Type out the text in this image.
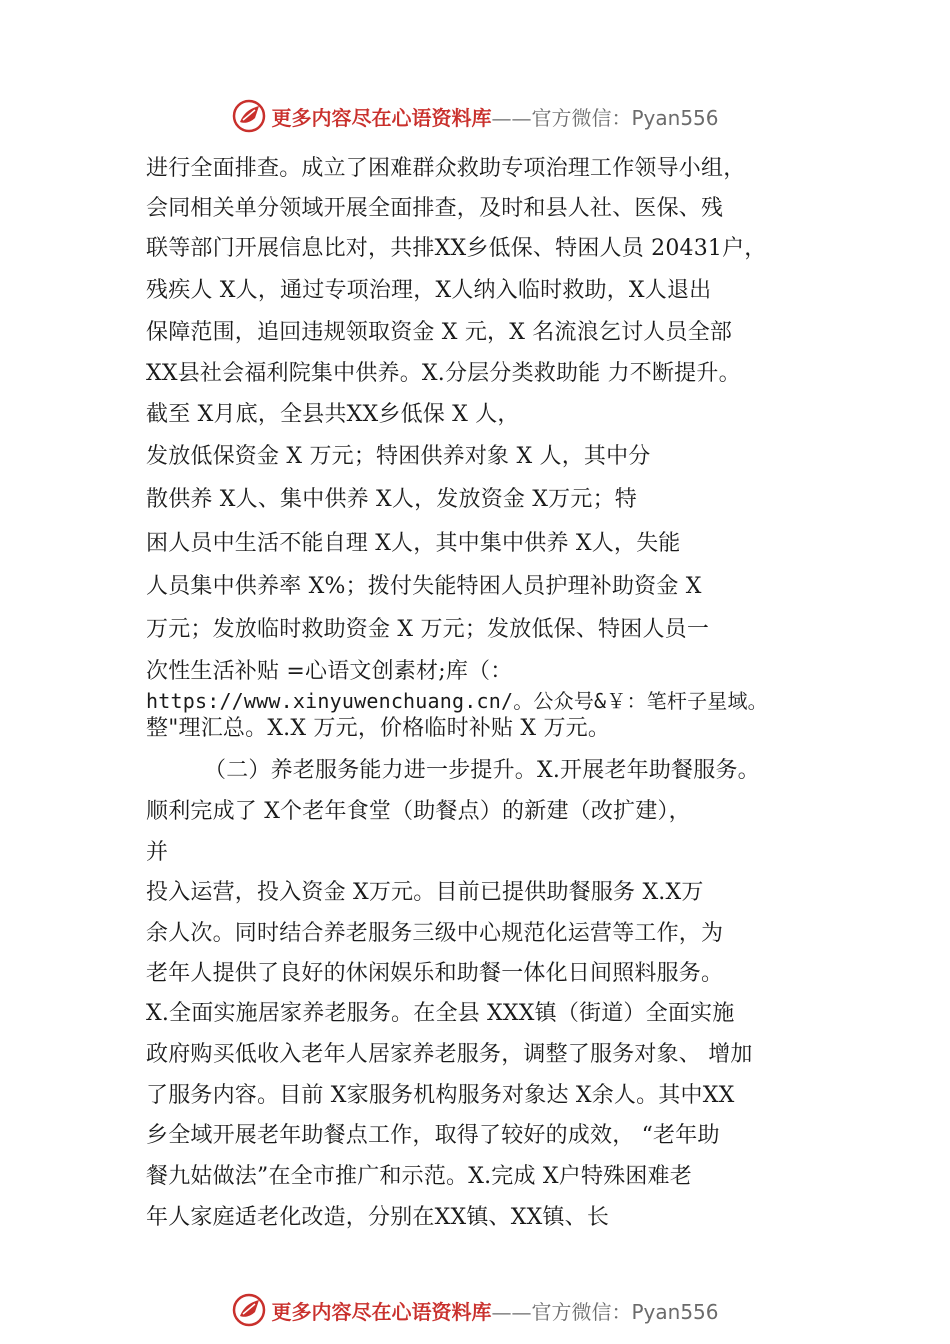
更多内容尽在心语资料库——官方微信：Pyan556
进行全面排查。成立了困难群众救助专项治理工作领导小组，
会同相关单分领域开展全面排查，及时和县人社、医保、残
联等部门开展信息比对，共排XX乡低保、特困人员 20431户，
残疾人 X人，通过专项治理，X人纳入临时救助，X人退出
保障范围，追回违规领取资金 X 元，X 名流浪乞讨人员全部
XX县社会福利院集中供养。X.分层分类救助能 力不断提升。
截至 X月底，全县共XX乡低保 X 人，
发放低保资金 X 万元；特困供养对象 X 人，其中分
散供养 X人、集中供养 X人，发放资金 X万元；特
困人员中生活不能自理 X人，其中集中供养 X人，失能
人员集中供养率 X%；拨付失能特困人员护理补助资金 X
万元；发放临时救助资金 X 万元；发放低保、特困人员一
次性生活补贴 =心语文创素材;库（：
https://www.xinyuwenchuang.cn/。公众号&￥：笔杆子星域。
整"理汇总。X.X 万元，价格临时补贴 X 万元。
（二）养老服务能力进一步提升。X.开展老年助餐服务。
顺利完成了 X个老年食堂（助餐点）的新建（改扩建），
并
投入运营，投入资金 X万元。目前已提供助餐服务 X.X万
余人次。同时结合养老服务三级中心规范化运营等工作，为
老年人提供了良好的休闲娱乐和助餐一体化日间照料服务。
X.全面实施居家养老服务。在全县 XXX镇（街道）全面实施
政府购买低收入老年人居家养老服务，调整了服务对象、 增加
了服务内容。目前 X家服务机构服务对象达 X余人。其中XX
乡全域开展老年助餐点工作，取得了较好的成效， “老年助
餐九姑做法”在全市推广和示范。X.完成 X户特殊困难老
年人家庭适老化改造，分别在XX镇、XX镇、长
更多内容尽在心语资料库——官方微信：Pyan556
